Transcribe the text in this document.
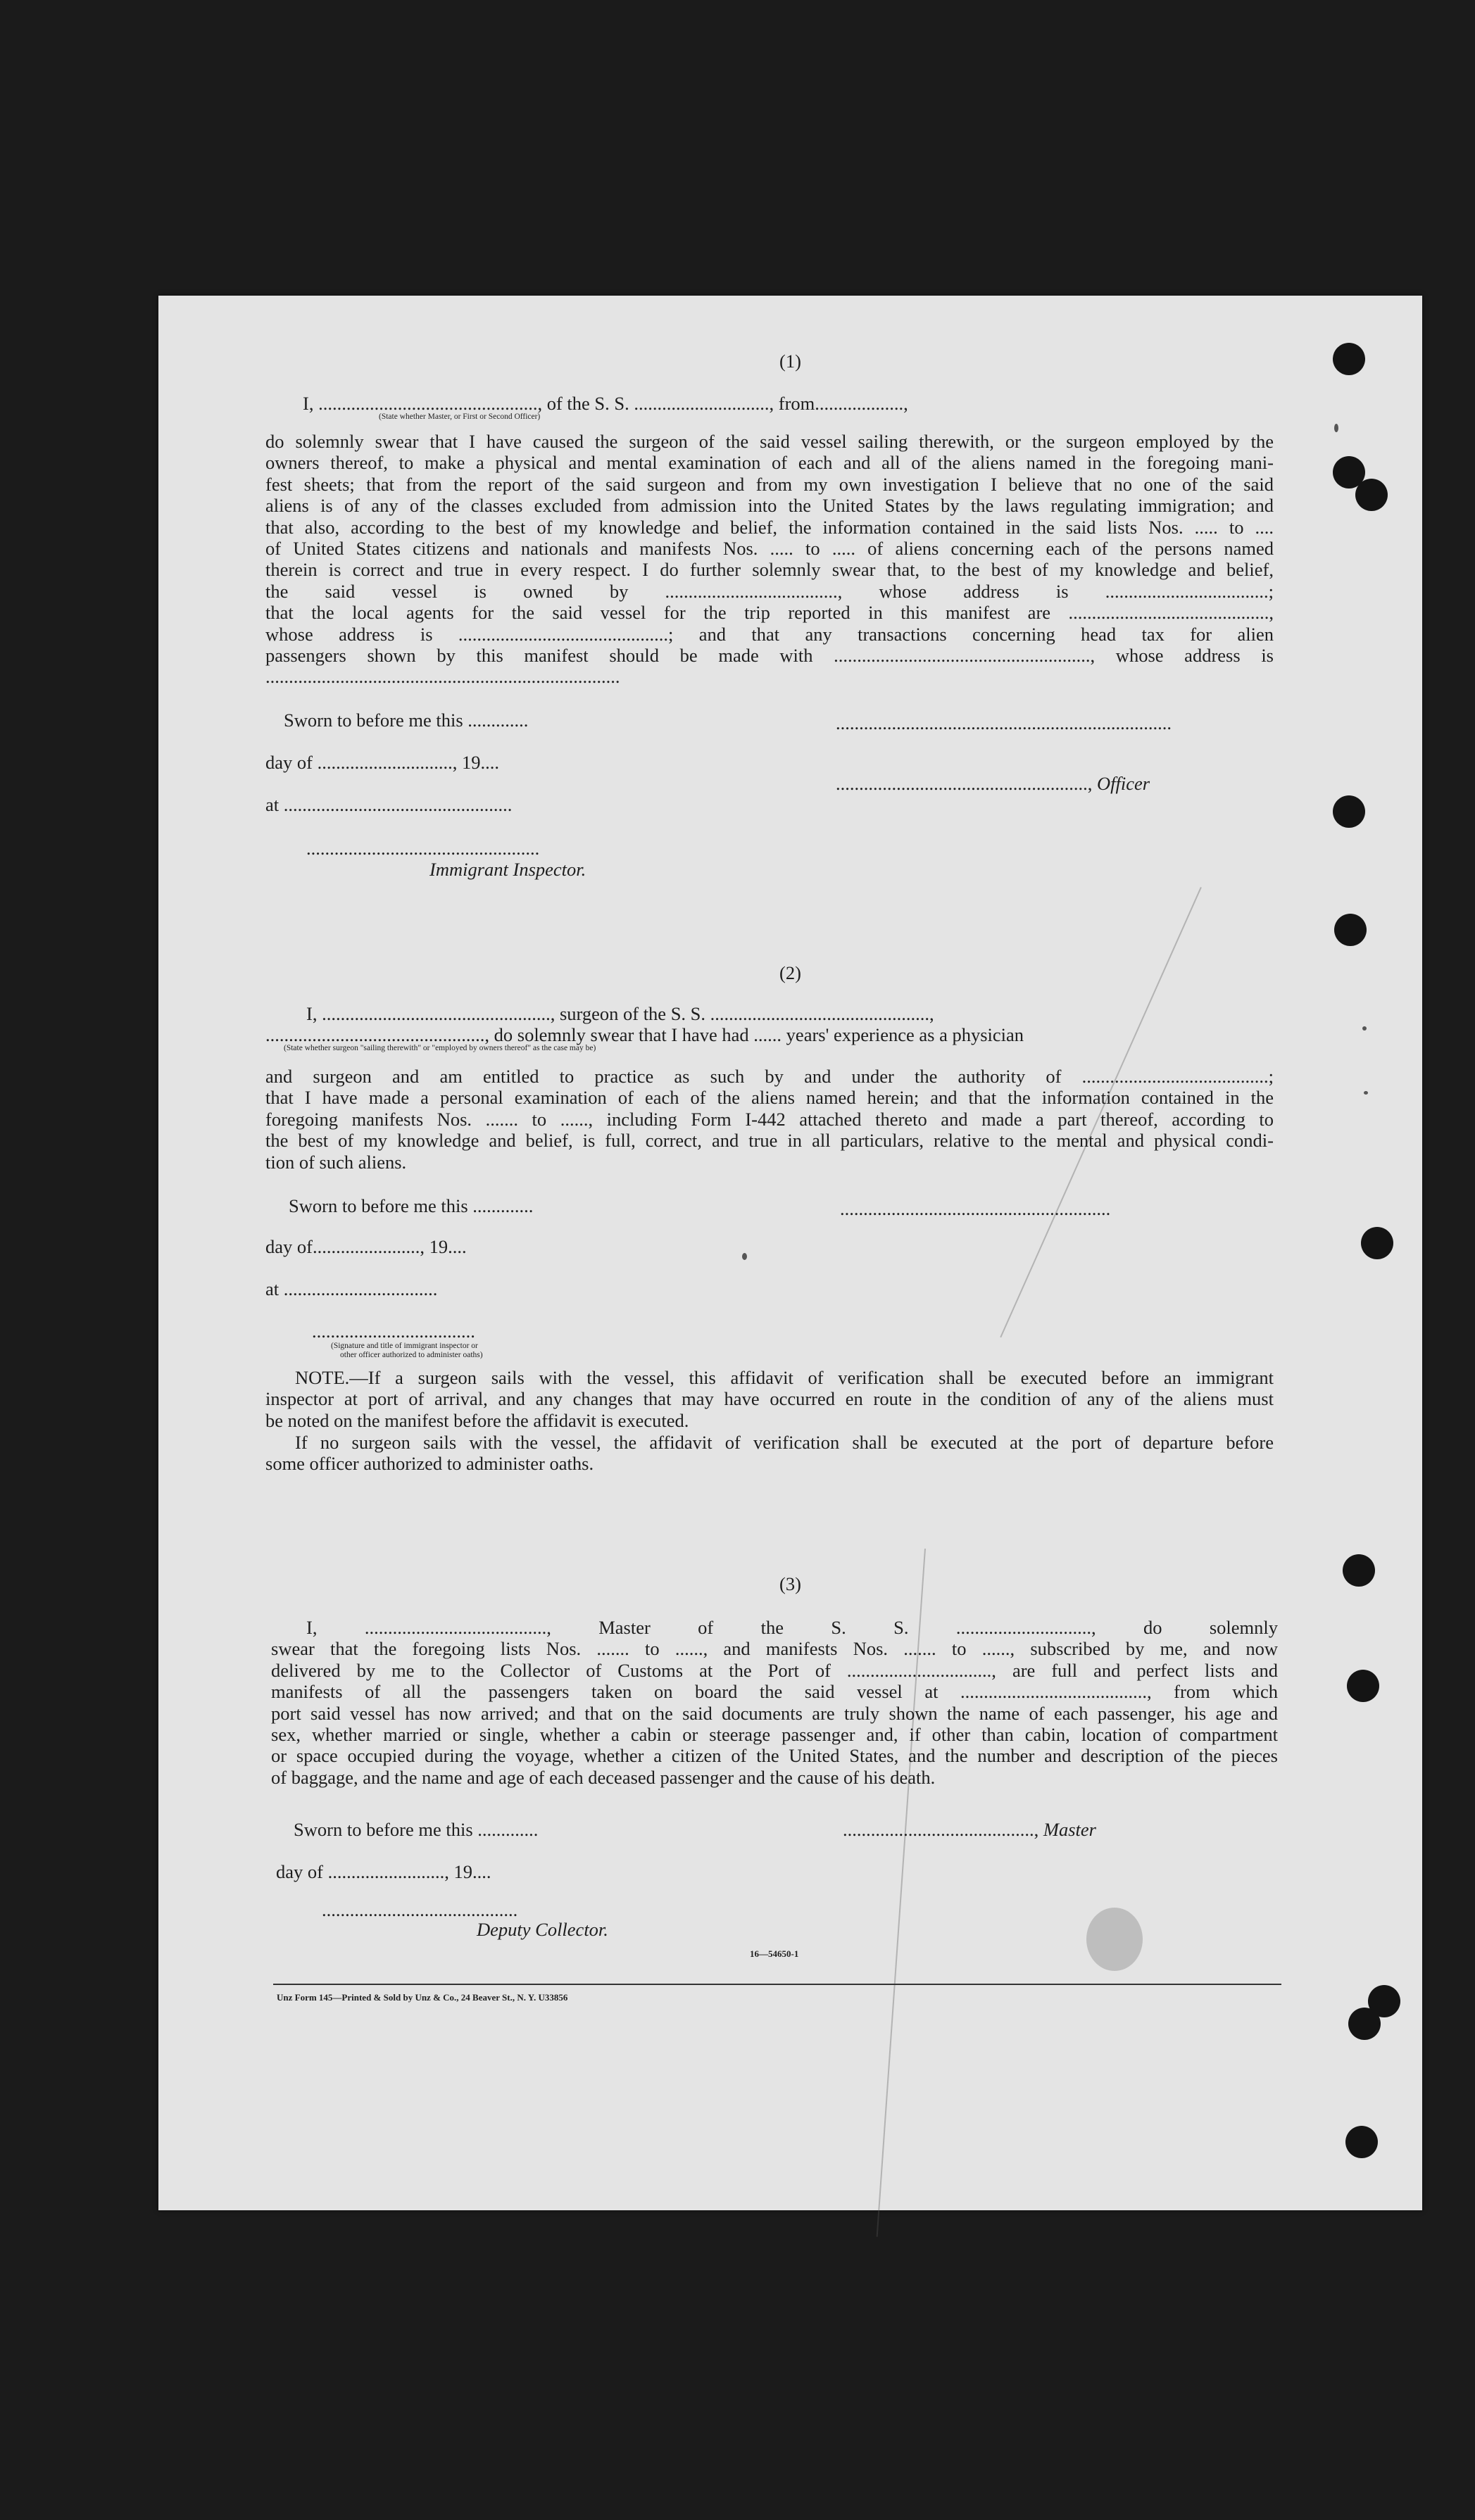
(1)
I, ..............................................., of the S. S. ............................., from...................,
(State whether Master, or First or Second Officer)
do solemnly swear that I have caused the surgeon of the said vessel sailing therewith, or the surgeon employed by the
owners thereof, to make a physical and mental examination of each and all of the aliens named in the foregoing mani-
fest sheets; that from the report of the said surgeon and from my own investigation I believe that no one of the said
aliens is of any of the classes excluded from admission into the United States by the laws regulating immigration; and
that also, according to the best of my knowledge and belief, the information contained in the said lists Nos. ..... to ....
of United States citizens and nationals and manifests Nos. ..... to ..... of aliens concerning each of the persons named
therein is correct and true in every respect. I do further solemnly swear that, to the best of my knowledge and belief,
the said vessel is owned by ....................................., whose address is ...................................;
that the local agents for the said vessel for the trip reported in this manifest are ...........................................,
whose address is .............................................; and that any transactions concerning head tax for alien
passengers shown by this manifest should be made with ......................................................., whose address is
............................................................................
Sworn to before me this .............	........................................................................
day of ............................., 19....
......................................................, Officer
at .................................................
..................................................
Immigrant Inspector.
(2)
I, ................................................., surgeon of the S. S. ...............................................,
..............................................., do solemnly swear that I have had ...... years' experience as a physician
(State whether surgeon "sailing therewith" or "employed by owners thereof" as the case may be)
and surgeon and am entitled to practice as such by and under the authority of ........................................;
that I have made a personal examination of each of the aliens named herein; and that the information contained in the
foregoing manifests Nos. ....... to ......, including Form I-442 attached thereto and made a part thereof, according to
the best of my knowledge and belief, is full, correct, and true in all particulars, relative to the mental and physical condi-
tion of such aliens.
Sworn to before me this .............	..........................................................
day of......................., 19....
at .................................
...................................
(Signature and title of immigrant inspector or
other officer authorized to administer oaths)
NOTE.—If a surgeon sails with the vessel, this affidavit of verification shall be executed before an immigrant
inspector at port of arrival, and any changes that may have occurred en route in the condition of any of the aliens must
be noted on the manifest before the affidavit is executed.
If no surgeon sails with the vessel, the affidavit of verification shall be executed at the port of departure before
some officer authorized to administer oaths.
(3)
I, ......................................., Master of the S. S. ............................., do solemnly
swear that the foregoing lists Nos. ....... to ......, and manifests Nos. ....... to ......, subscribed by me, and now
delivered by me to the Collector of Customs at the Port of ..............................., are full and perfect lists and
manifests of all the passengers taken on board the said vessel at ........................................, from which
port said vessel has now arrived; and that on the said documents are truly shown the name of each passenger, his age and
sex, whether married or single, whether a cabin or steerage passenger and, if other than cabin, location of compartment
or space occupied during the voyage, whether a citizen of the United States, and the number and description of the pieces
of baggage, and the name and age of each deceased passenger and the cause of his death.
Sworn to before me this .............	........................................., Master
day of ........................., 19....
..........................................
Deputy Collector.
16—54650-1
Unz Form 145—Printed & Sold by Unz & Co., 24 Beaver St., N. Y. U33856
